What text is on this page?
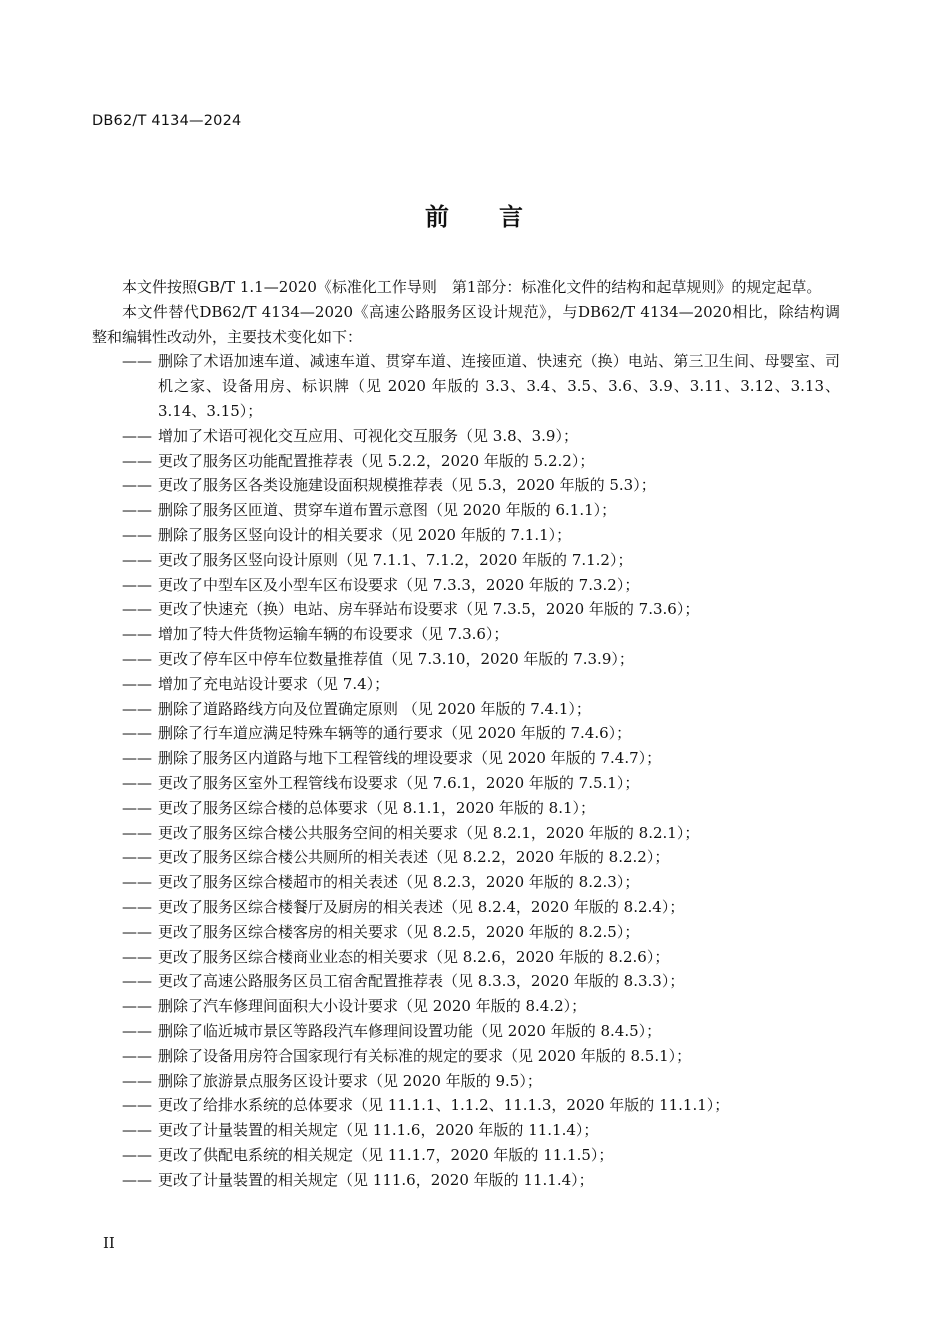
DB62/T 4134—2024
前 言

本文件按照GB/T 1.1—2020《标准化工作导则　第1部分：标准化文件的结构和起草规则》的规定起草。

本文件替代DB62/T 4134—2020《高速公路服务区设计规范》，与DB62/T 4134—2020相比，除结构调整和编辑性改动外，主要技术变化如下：

—— 删除了术语加速车道、减速车道、贯穿车道、连接匝道、快速充（换）电站、第三卫生间、母婴室、司机之家、设备用房、标识牌（见 2020 年版的 3.3、3.4、3.5、3.6、3.9、3.11、3.12、3.13、3.14、3.15）；
—— 增加了术语可视化交互应用、可视化交互服务（见 3.8、3.9）；
—— 更改了服务区功能配置推荐表（见 5.2.2，2020 年版的 5.2.2）；
—— 更改了服务区各类设施建设面积规模推荐表（见 5.3，2020 年版的 5.3）；
—— 删除了服务区匝道、贯穿车道布置示意图（见 2020 年版的 6.1.1）；
—— 删除了服务区竖向设计的相关要求（见 2020 年版的 7.1.1）；
—— 更改了服务区竖向设计原则（见 7.1.1、7.1.2，2020 年版的 7.1.2）；
—— 更改了中型车区及小型车区布设要求（见 7.3.3，2020 年版的 7.3.2）；
—— 更改了快速充（换）电站、房车驿站布设要求（见 7.3.5，2020 年版的 7.3.6）；
—— 增加了特大件货物运输车辆的布设要求（见 7.3.6）；
—— 更改了停车区中停车位数量推荐值（见 7.3.10，2020 年版的 7.3.9）；
—— 增加了充电站设计要求（见 7.4）；
—— 删除了道路路线方向及位置确定原则 （见 2020 年版的 7.4.1）；
—— 删除了行车道应满足特殊车辆等的通行要求（见 2020 年版的 7.4.6）；
—— 删除了服务区内道路与地下工程管线的埋设要求（见 2020 年版的 7.4.7）；
—— 更改了服务区室外工程管线布设要求（见 7.6.1，2020 年版的 7.5.1）；
—— 更改了服务区综合楼的总体要求（见 8.1.1，2020 年版的 8.1）；
—— 更改了服务区综合楼公共服务空间的相关要求（见 8.2.1，2020 年版的 8.2.1）；
—— 更改了服务区综合楼公共厕所的相关表述（见 8.2.2，2020 年版的 8.2.2）；
—— 更改了服务区综合楼超市的相关表述（见 8.2.3，2020 年版的 8.2.3）；
—— 更改了服务区综合楼餐厅及厨房的相关表述（见 8.2.4，2020 年版的 8.2.4）；
—— 更改了服务区综合楼客房的相关要求（见 8.2.5，2020 年版的 8.2.5）；
—— 更改了服务区综合楼商业业态的相关要求（见 8.2.6，2020 年版的 8.2.6）；
—— 更改了高速公路服务区员工宿舍配置推荐表（见 8.3.3，2020 年版的 8.3.3）；
—— 删除了汽车修理间面积大小设计要求（见 2020 年版的 8.4.2）；
—— 删除了临近城市景区等路段汽车修理间设置功能（见 2020 年版的 8.4.5）；
—— 删除了设备用房符合国家现行有关标准的规定的要求（见 2020 年版的 8.5.1）；
—— 删除了旅游景点服务区设计要求（见 2020 年版的 9.5）；
—— 更改了给排水系统的总体要求（见 11.1.1、1.1.2、11.1.3，2020 年版的 11.1.1）；
—— 更改了计量装置的相关规定（见 11.1.6，2020 年版的 11.1.4）；
—— 更改了供配电系统的相关规定（见 11.1.7，2020 年版的 11.1.5）；
—— 更改了计量装置的相关规定（见 111.6，2020 年版的 11.1.4）；
II
